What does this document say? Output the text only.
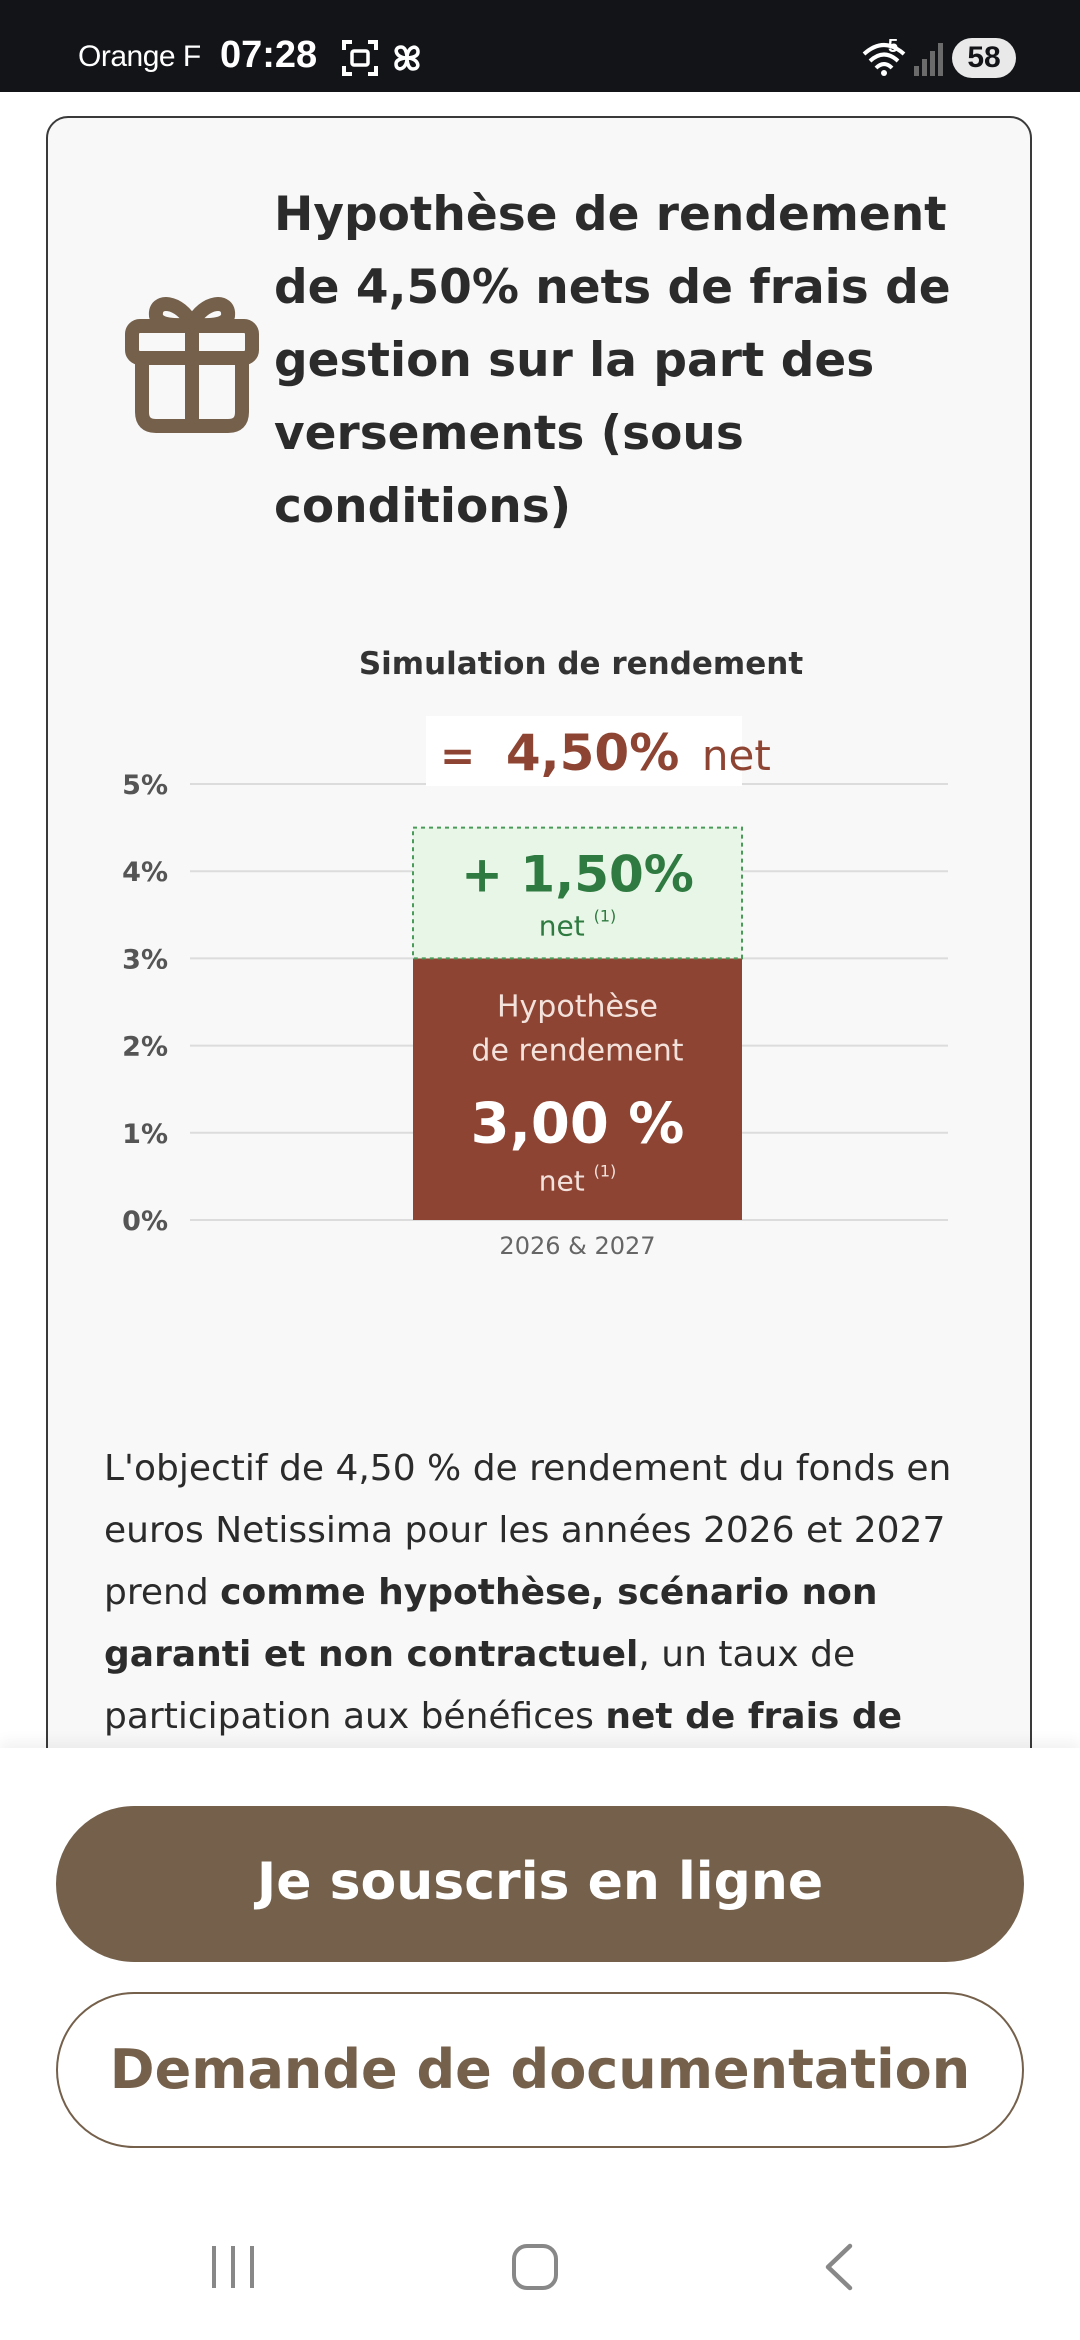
Orange F 07:28	5	58
Hypothèse de rendement de 4,50% nets de frais de gestion sur la part des versements (sous conditions)
0%
1%
2%
3%
4%
5%
Simulation de rendement
= 4,50% net
+ 1,50%
net $^{(1)}$
Hypothèse
de rendement
3,00 %
net $^{(1)}$
2026 & 2027

L'objectif de 4,50 % de rendement du fonds en euros Netissima pour les années 2026 et 2027 prend comme hypothèse, scénario non garanti et non contractuel, un taux de participation aux bénéfices net de frais de

Je souscris en ligne
Demande de documentation
